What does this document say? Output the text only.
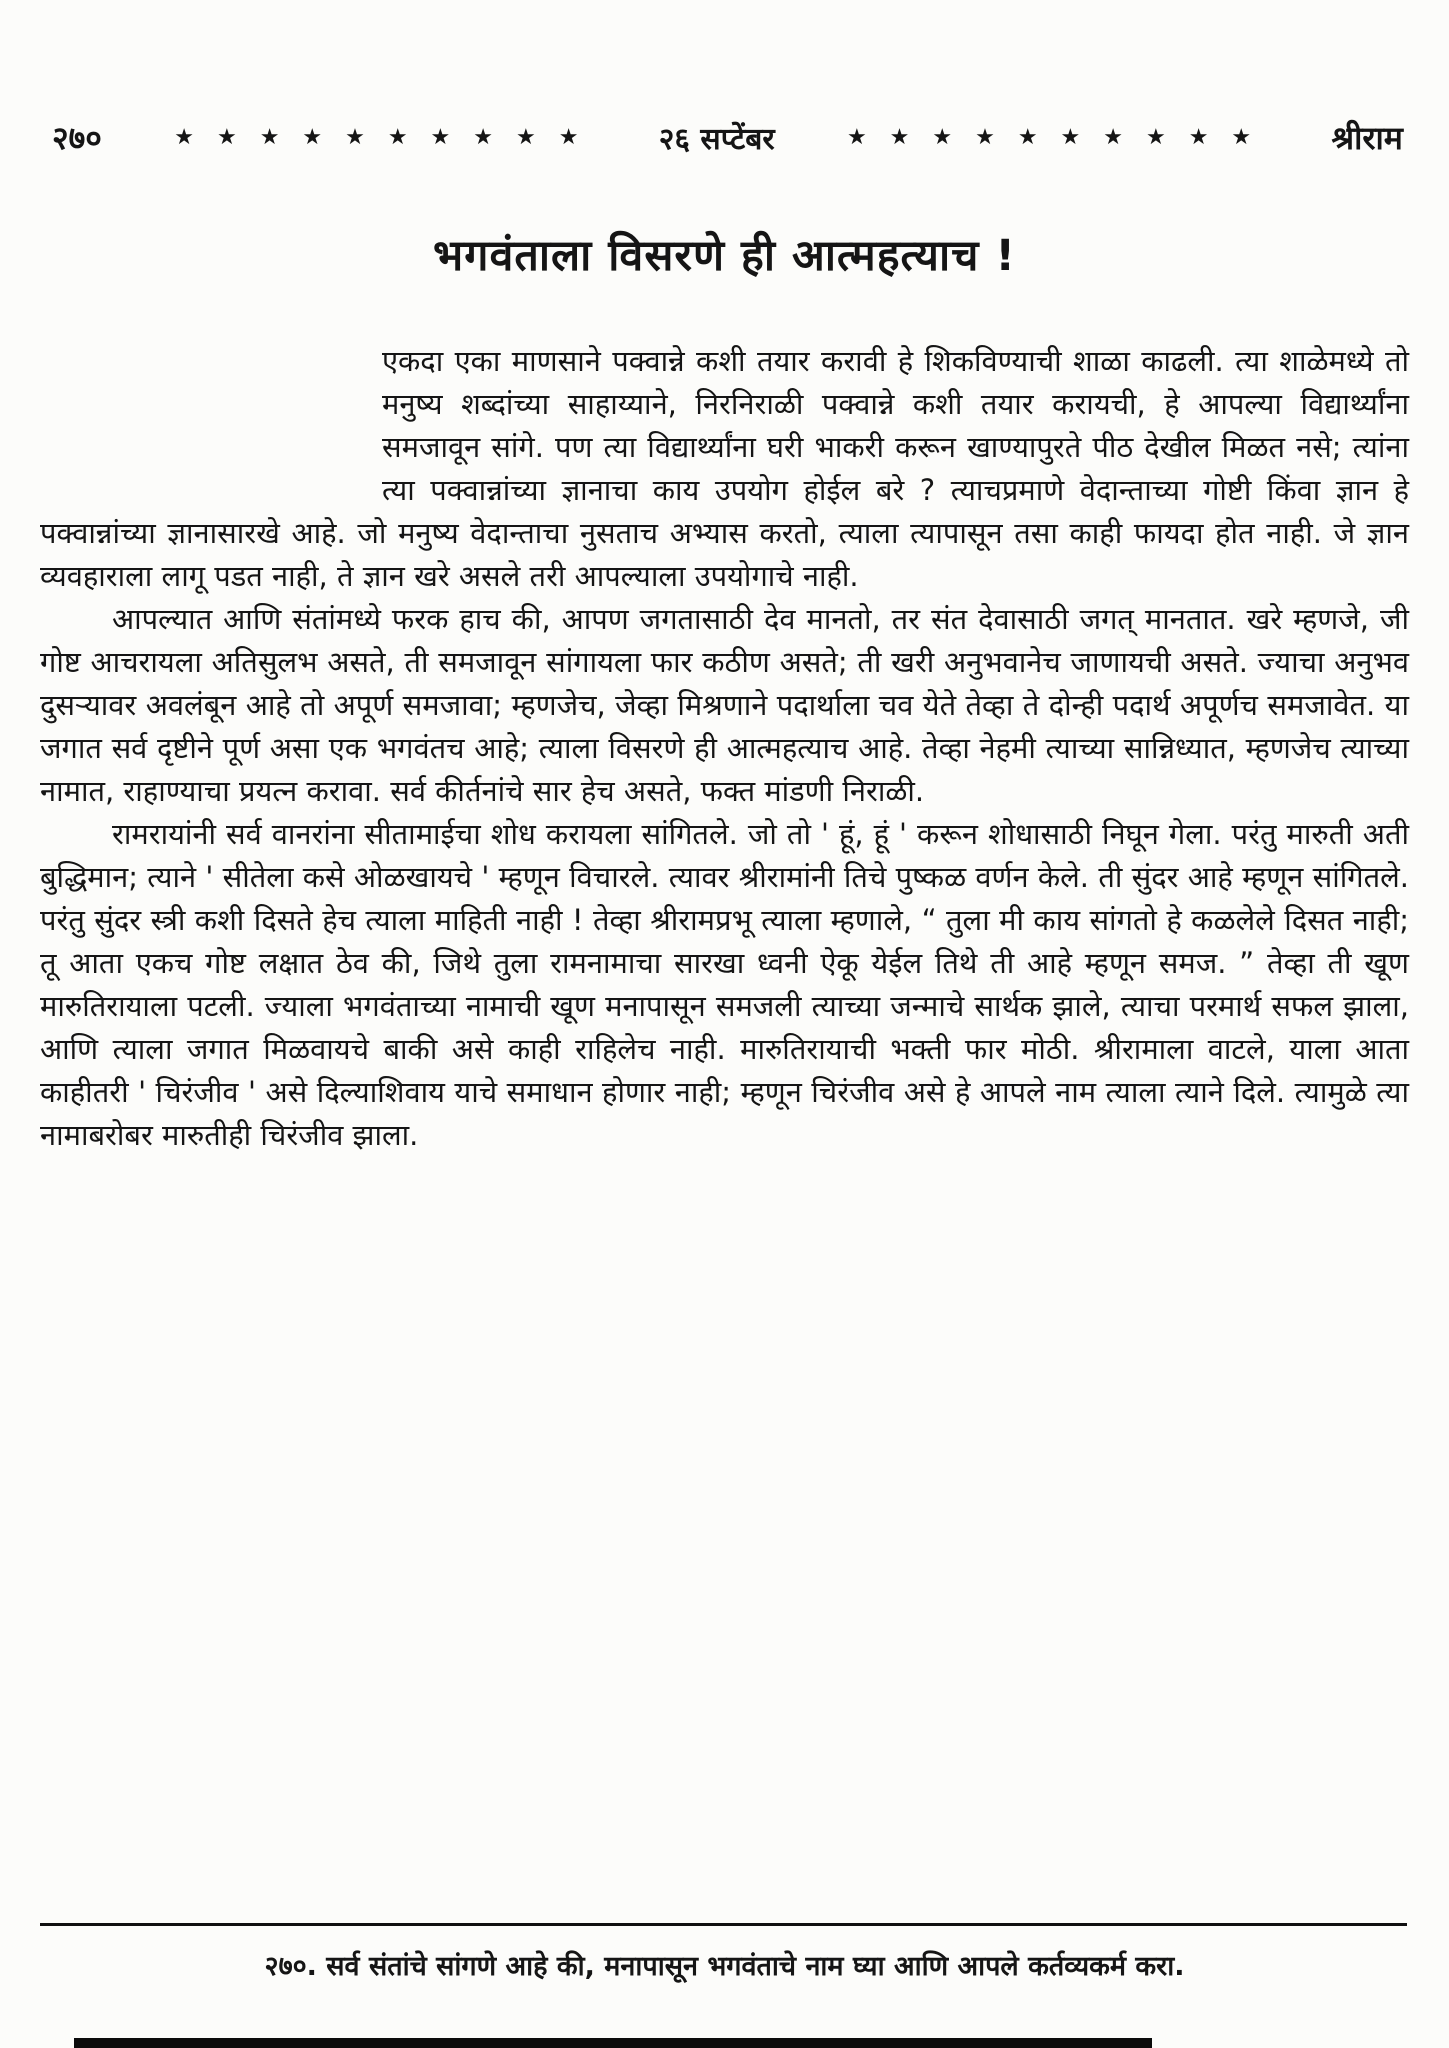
२७०	★ ★ ★ ★ ★ ★ ★ ★ ★ ★ २६ सप्टेंबर	★ ★ ★ ★ ★ ★ ★ ★ ★ ★ श्रीराम
भगवंताला विसरणे ही आत्महत्याच !

एकदा एका माणसाने पक्वान्ने कशी तयार करावी हे शिकविण्याची शाळा काढली. त्या शाळेमध्ये तो मनुष्य शब्दांच्या साहाय्याने, निरनिराळी पक्वान्ने कशी तयार करायची, हे आपल्या विद्यार्थ्यांना समजावून सांगे. पण त्या विद्यार्थ्यांना घरी भाकरी करून खाण्यापुरते पीठ देखील मिळत नसे; त्यांना त्या पक्वान्नांच्या ज्ञानाचा काय उपयोग होईल बरे ? त्याचप्रमाणे वेदान्ताच्या गोष्टी किंवा ज्ञान हे पक्वान्नांच्या ज्ञानासारखे आहे. जो मनुष्य वेदान्ताचा नुसताच अभ्यास करतो, त्याला त्यापासून तसा काही फायदा होत नाही. जे ज्ञान व्यवहाराला लागू पडत नाही, ते ज्ञान खरे असले तरी आपल्याला उपयोगाचे नाही.

आपल्यात आणि संतांमध्ये फरक हाच की, आपण जगतासाठी देव मानतो, तर संत देवासाठी जगत् मानतात. खरे म्हणजे, जी गोष्ट आचरायला अतिसुलभ असते, ती समजावून सांगायला फार कठीण असते; ती खरी अनुभवानेच जाणायची असते. ज्याचा अनुभव दुसऱ्यावर अवलंबून आहे तो अपूर्ण समजावा; म्हणजेच, जेव्हा मिश्रणाने पदार्थाला चव येते तेव्हा ते दोन्ही पदार्थ अपूर्णच समजावेत. या जगात सर्व दृष्टीने पूर्ण असा एक भगवंतच आहे; त्याला विसरणे ही आत्महत्याच आहे. तेव्हा नेहमी त्याच्या सान्निध्यात, म्हणजेच त्याच्या नामात, राहाण्याचा प्रयत्न करावा. सर्व कीर्तनांचे सार हेच असते, फक्त मांडणी निराळी.

रामरायांनी सर्व वानरांना सीतामाईचा शोध करायला सांगितले. जो तो ' हूं, हूं ' करून शोधासाठी निघून गेला. परंतु मारुती अती बुद्धिमान; त्याने ' सीतेला कसे ओळखायचे ' म्हणून विचारले. त्यावर श्रीरामांनी तिचे पुष्कळ वर्णन केले. ती सुंदर आहे म्हणून सांगितले. परंतु सुंदर स्त्री कशी दिसते हेच त्याला माहिती नाही ! तेव्हा श्रीरामप्रभू त्याला म्हणाले, “ तुला मी काय सांगतो हे कळलेले दिसत नाही; तू आता एकच गोष्ट लक्षात ठेव की, जिथे तुला रामनामाचा सारखा ध्वनी ऐकू येईल तिथे ती आहे म्हणून समज. ” तेव्हा ती खूण मारुतिरायाला पटली. ज्याला भगवंताच्या नामाची खूण मनापासून समजली त्याच्या जन्माचे सार्थक झाले, त्याचा परमार्थ सफल झाला, आणि त्याला जगात मिळवायचे बाकी असे काही राहिलेच नाही. मारुतिरायाची भक्ती फार मोठी. श्रीरामाला वाटले, याला आता काहीतरी ' चिरंजीव ' असे दिल्याशिवाय याचे समाधान होणार नाही; म्हणून चिरंजीव असे हे आपले नाम त्याला त्याने दिले. त्यामुळे त्या नामाबरोबर मारुतीही चिरंजीव झाला.

२७०. सर्व संतांचे सांगणे आहे की, मनापासून भगवंताचे नाम घ्या आणि आपले कर्तव्यकर्म करा.
